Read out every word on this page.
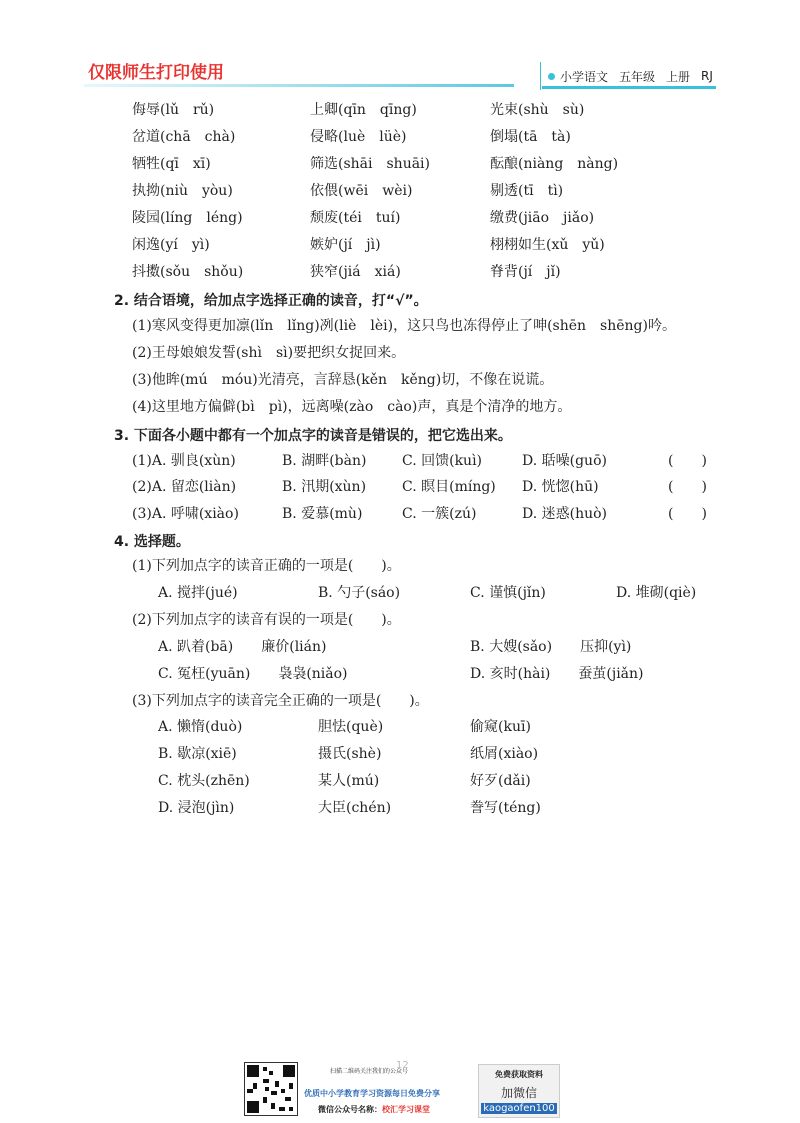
仅限师生打印使用	小学语文 五年级 上册 RJ
侮辱(lǔ　rǔ)	上卿(qīn　qīng)	光束(shù　sù)
岔道(chā　chà)	侵略(luè　lüè)	倒塌(tā　tà)
牺牲(qī　xī)	筛选(shāi　shuāi)	酝酿(niàng　nàng)
执拗(niù　yòu)	依偎(wēi　wèi)	剔透(tī　tì)
陵园(líng　léng)	颓废(téi　tuí)	缴费(jiāo　jiǎo)
闲逸(yí　yì)	嫉妒(jí　jì)	栩栩如生(xǔ　yǔ)
抖擞(sǒu　shǒu)	狭窄(jiá　xiá)	脊背(jí　jǐ)
2. 结合语境，给加点字选择正确的读音，打“√”。
(1)寒风变得更加凛(lǐn　lǐng)冽(liè　lèi)，这只鸟也冻得停止了呻(shēn　shēng)吟。
(2)王母娘娘发誓(shì　sì)要把织女捉回来。
(3)他眸(mú　móu)光清亮，言辞恳(kěn　kěng)切，不像在说谎。
(4)这里地方偏僻(bì　pì)，远离噪(zào　cào)声，真是个清净的地方。
3. 下面各小题中都有一个加点字的读音是错误的，把它选出来。
(1)A. 驯良(xùn)	B. 湖畔(bàn)	C. 回馈(kuì)	D. 聒噪(guō)	(　　)
(2)A. 留恋(liàn)	B. 汛期(xùn)	C. 瞑目(míng) D. 恍惚(hū)	(　　)
(3)A. 呼啸(xiào)	B. 爱慕(mù)	C. 一簇(zú)	D. 迷惑(huò)	(　　)
4. 选择题。
(1)下列加点字的读音正确的一项是(　　)。
A. 搅拌(jué)	B. 勺子(sáo)	C. 谨慎(jǐn)	D. 堆砌(qiè)
(2)下列加点字的读音有误的一项是(　　)。
A. 趴着(bā)　　廉价(lián)	B. 大嫂(sǎo)　　压抑(yì)
C. 冤枉(yuān)　　袅袅(niǎo)	D. 亥时(hài)　　蚕茧(jiǎn)
(3)下列加点字的读音完全正确的一项是(　　)。
A. 懒惰(duò)	胆怯(què)	偷窥(kuī)
B. 歇凉(xiē)	摄氏(shè)	纸屑(xiào)
C. 枕头(zhēn)	某人(mú)	好歹(dǎi)
D. 浸泡(jìn)	大臣(chén)	誊写(téng)
扫描二维码关注我们的公众号
12
优质中小学教育学习资源每日免费分享
微信公众号名称：校汇学习课堂
免费获取资料
加微信
kaogaofen100
